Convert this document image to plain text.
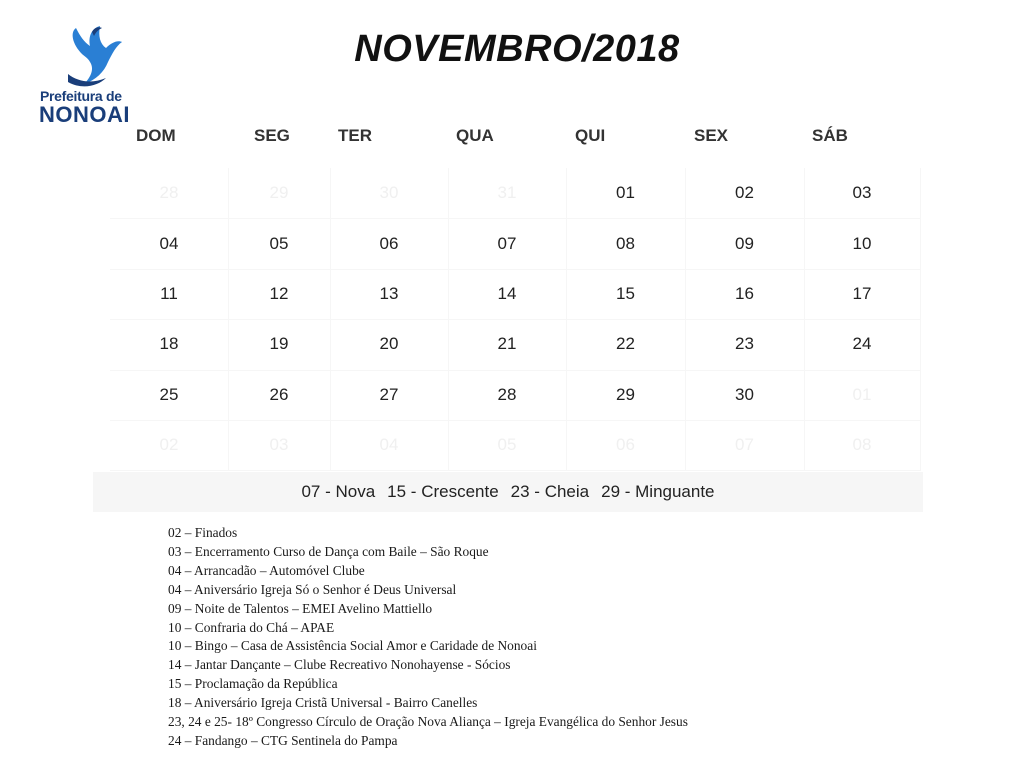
Prefeitura de
NONOAI
NOVEMBRO/2018
DOM	SEG	TER	QUA	QUI	SEX	SÁB
28	29	30	31	01	02	03
04	05	06	07	08	09	10
11	12	13	14	15	16	17
18	19	20	21	22	23	24
25	26	27	28	29	30	01
02	03	04	05	06	07	08
07 - Nova 15 - Crescente 23 - Cheia 29 - Minguante
02 – Finados
03 – Encerramento Curso de Dança com Baile – São Roque
04 – Arrancadão – Automóvel Clube
04 – Aniversário Igreja Só o Senhor é Deus Universal
09 – Noite de Talentos – EMEI Avelino Mattiello
10 – Confraria do Chá – APAE
10 – Bingo – Casa de Assistência Social Amor e Caridade de Nonoai
14 – Jantar Dançante – Clube Recreativo Nonohayense - Sócios
15 – Proclamação da República
18 – Aniversário Igreja Cristã Universal - Bairro Canelles
23, 24 e 25- 18º Congresso Círculo de Oração Nova Aliança – Igreja Evangélica do Senhor Jesus
24 – Fandango – CTG Sentinela do Pampa
